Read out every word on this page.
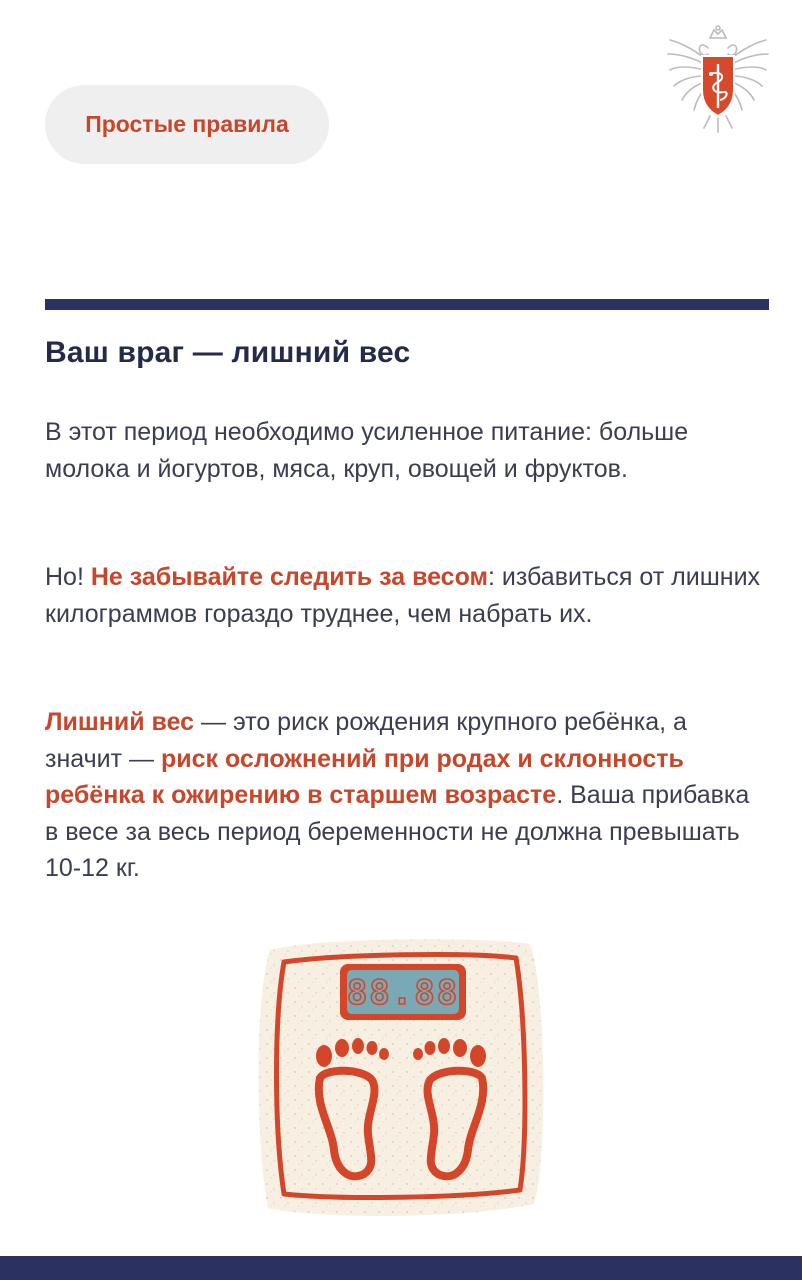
Простые правила
Ваш враг — лишний вес

В этот период необходимо усиленное питание: больше молока и йогуртов, мяса, круп, овощей и фруктов.

Но! Не забывайте следить за весом: избавиться от лишних килограммов гораздо труднее, чем набрать их.

Лишний вес — это риск рождения крупного ребёнка, а значит — риск осложнений при родах и склонность ребёнка к ожирению в старшем возрасте. Ваша прибавка в весе за весь период беременности не должна превышать 10-12 кг.

88.88
